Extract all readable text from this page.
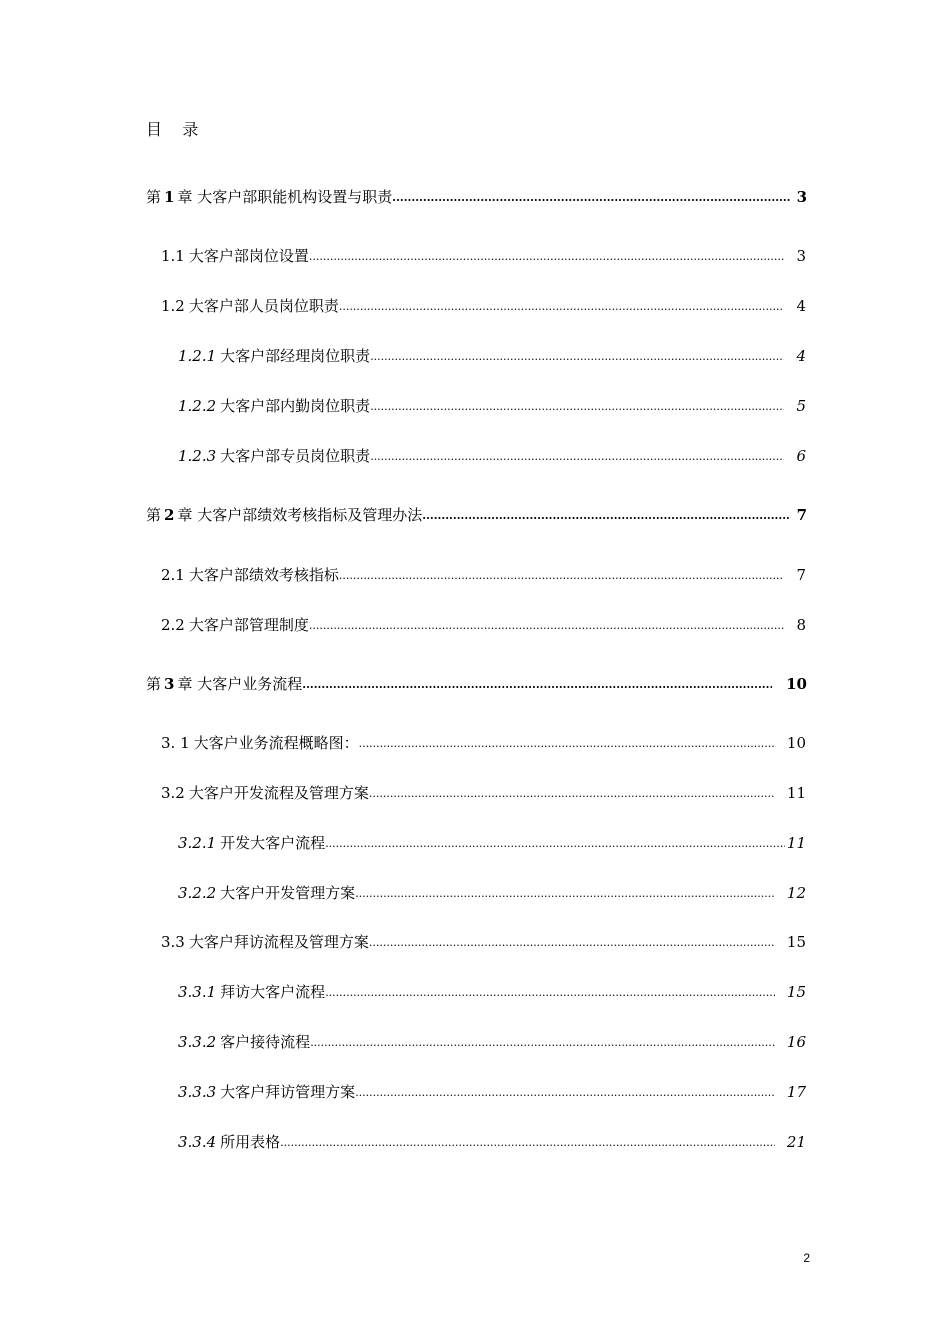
目    录
第 1 章 大客户部职能机构设置与职责 .....	3
1.1 大客户部岗位设置 .....	3
1.2 大客户部人员岗位职责 .....	4
1.2.1 大客户部经理岗位职责 .....	4
1.2.2 大客户部内勤岗位职责 .....	5
1.2.3 大客户部专员岗位职责 .....	6
第 2 章 大客户部绩效考核指标及管理办法 .....	7
2.1 大客户部绩效考核指标 .....	7
2.2 大客户部管理制度 .....	8
第 3 章 大客户业务流程 .....	10
3. 1 大客户业务流程概略图： .....	10
3.2 大客户开发流程及管理方案 .....	11
3.2.1 开发大客户流程 .....	11
3.2.2 大客户开发管理方案 .....	12
3.3 大客户拜访流程及管理方案 .....	15
3.3.1 拜访大客户流程 .....	15
3.3.2 客户接待流程 .....	16
3.3.3 大客户拜访管理方案 .....	17
3.3.4 所用表格 .....	21
2
